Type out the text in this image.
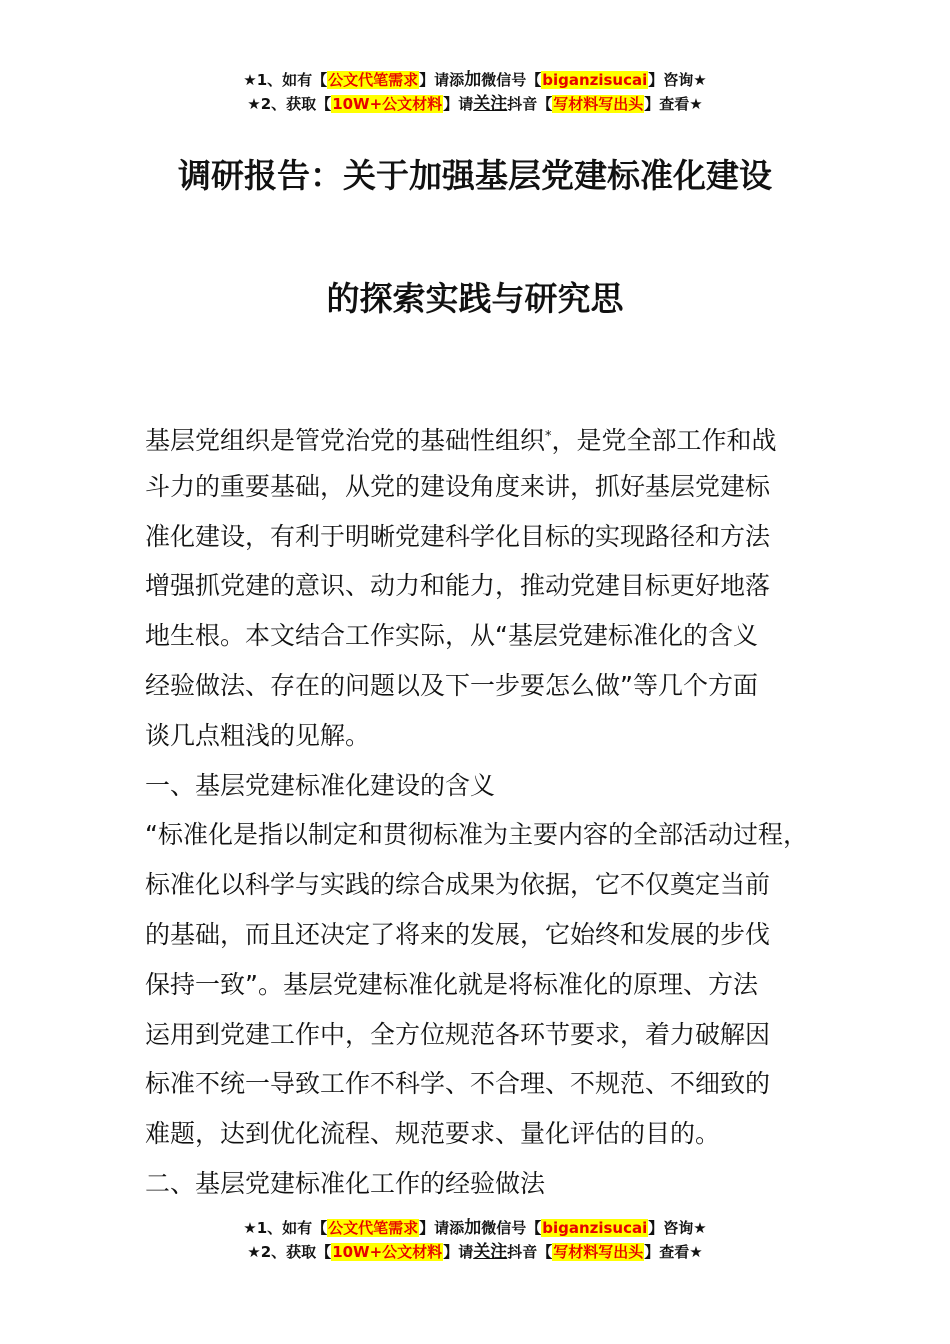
★1、如有【公文代笔需求】请添加微信号【biganzisucai】咨询★
★2、获取【10W+公文材料】请关注抖音【写材料写出头】查看★
调研报告：关于加强基层党建标准化建设
的探索实践与研究思
基层党组织是管党治党的基础性组织*，是党全部工作和战
斗力的重要基础，从党的建设角度来讲，抓好基层党建标
准化建设，有利于明晰党建科学化目标的实现路径和方法
增强抓党建的意识、动力和能力，推动党建目标更好地落
地生根。本文结合工作实际，从“基层党建标准化的含义
经验做法、存在的问题以及下一步要怎么做”等几个方面
谈几点粗浅的见解。
一、基层党建标准化建设的含义
“标准化是指以制定和贯彻标准为主要内容的全部活动过程，
标准化以科学与实践的综合成果为依据，它不仅奠定当前
的基础，而且还决定了将来的发展，它始终和发展的步伐
保持一致”。基层党建标准化就是将标准化的原理、方法
运用到党建工作中，全方位规范各环节要求，着力破解因
标准不统一导致工作不科学、不合理、不规范、不细致的
难题，达到优化流程、规范要求、量化评估的目的。
二、基层党建标准化工作的经验做法
★1、如有【公文代笔需求】请添加微信号【biganzisucai】咨询★
★2、获取【10W+公文材料】请关注抖音【写材料写出头】查看★
